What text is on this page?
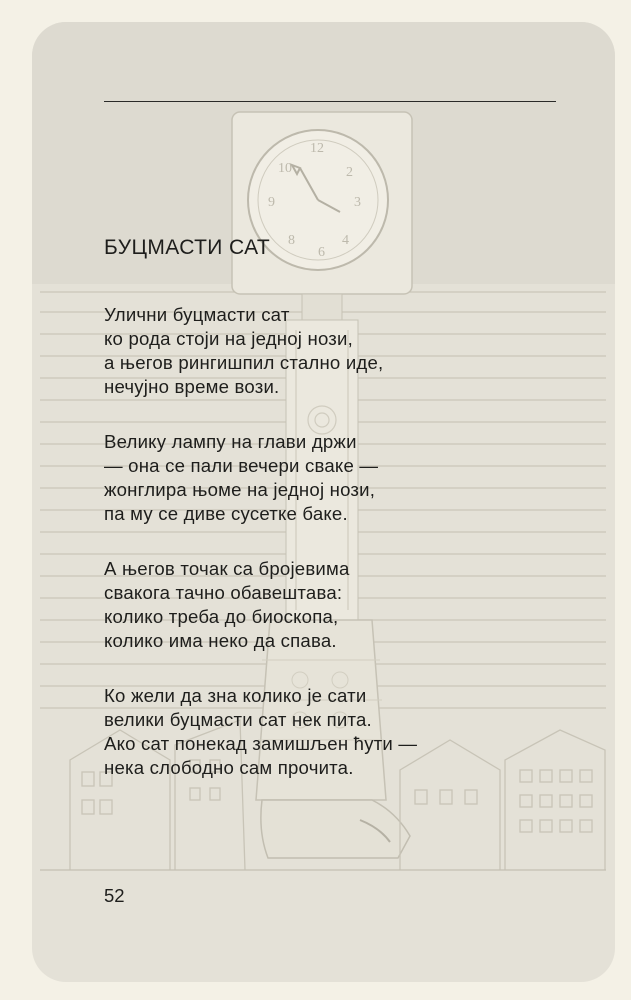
12
2
3
4
6
8
9
10
БУЦМАСТИ САТ
Улични буцмасти сат
ко рода стоји на једној нози,
а његов рингишпил стално иде,
нечујно време вози.
Велику лампу на глави држи
— она се пали вечери сваке —
жонглира њоме на једној нози,
па му се диве сусетке баке.
А његов точак са бројевима
свакога тачно обавештава:
колико треба до биоскопа,
колико има неко да спава.
Ко жели да зна колико је сати
велики буцмасти сат нек пита.
Ако сат понекад замишљен ћути —
нека слободно сам прочита.
52
